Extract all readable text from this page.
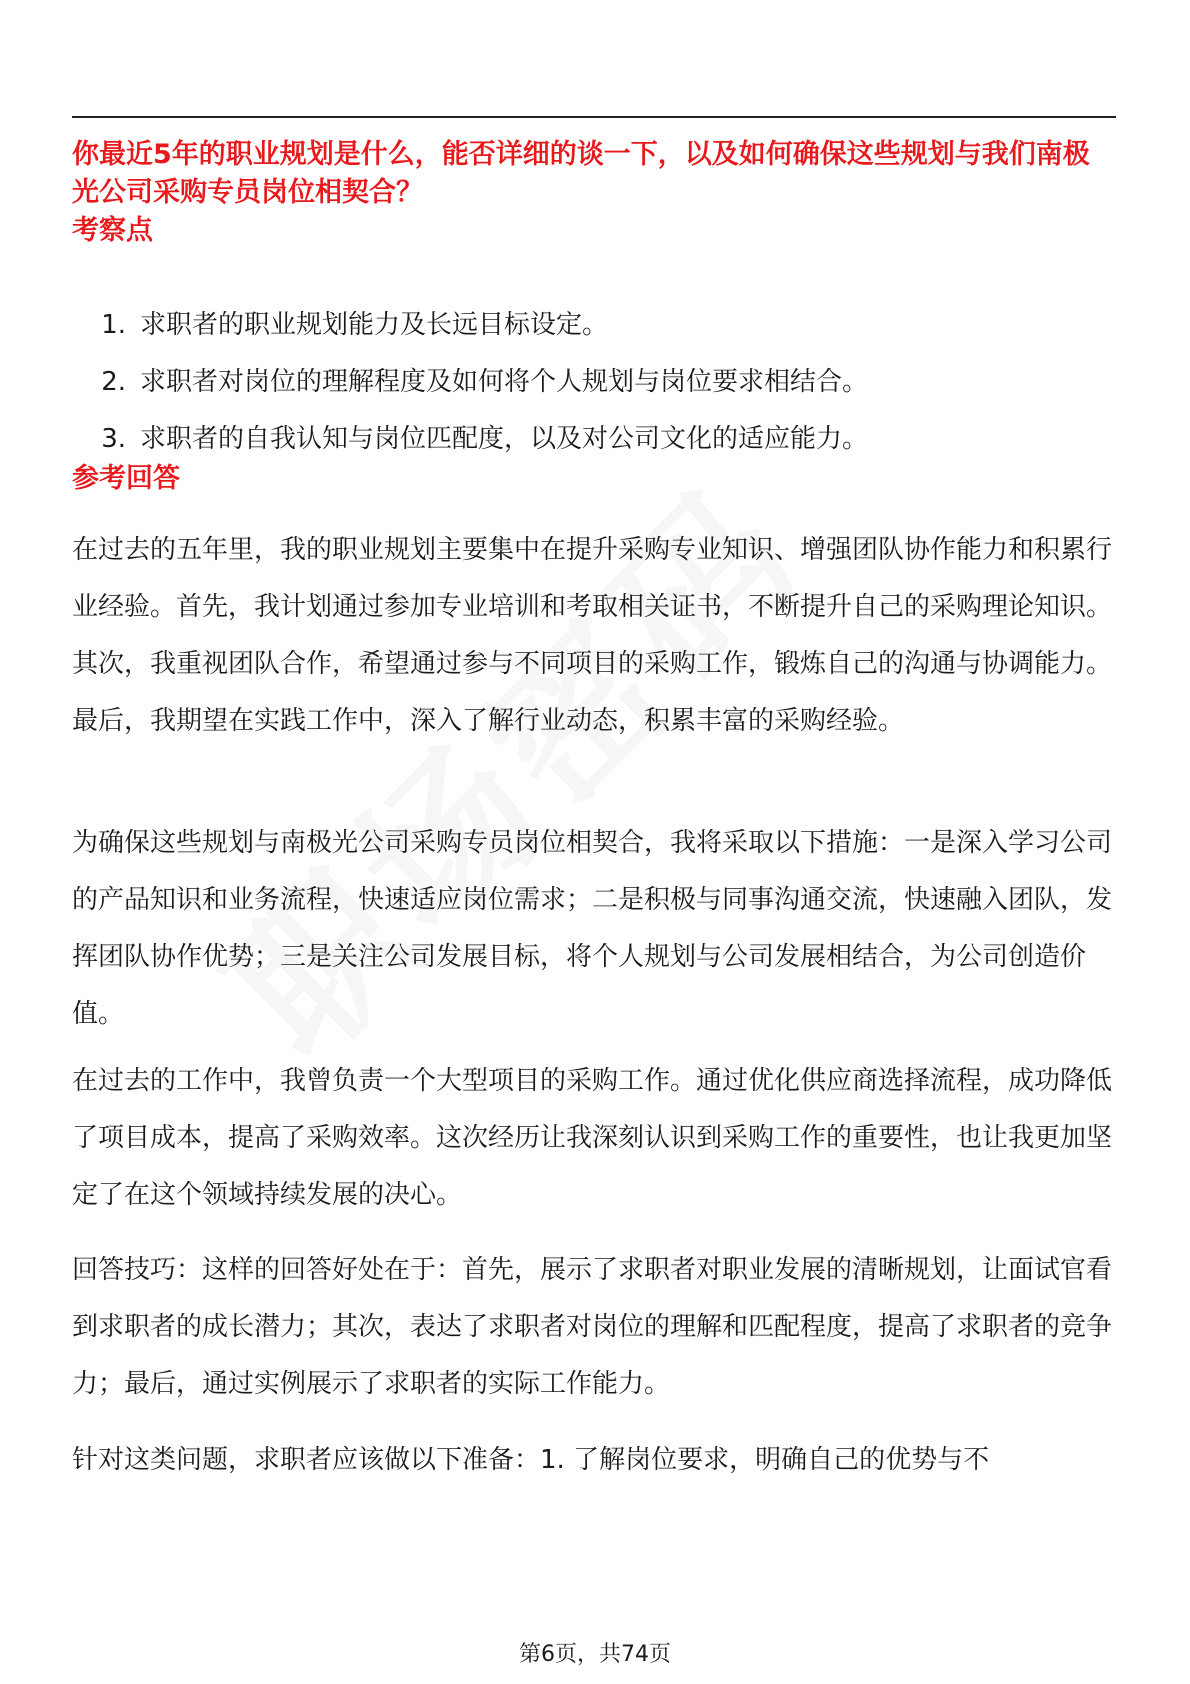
你最近5年的职业规划是什么，能否详细的谈一下，以及如何确保这些规划与我们南极光公司采购专员岗位相契合？
考察点
1. 求职者的职业规划能力及长远目标设定。
2. 求职者对岗位的理解程度及如何将个人规划与岗位要求相结合。
3. 求职者的自我认知与岗位匹配度，以及对公司文化的适应能力。
参考回答

在过去的五年里，我的职业规划主要集中在提升采购专业知识、增强团队协作能力和积累行业经验。首先，我计划通过参加专业培训和考取相关证书，不断提升自己的采购理论知识。其次，我重视团队合作，希望通过参与不同项目的采购工作，锻炼自己的沟通与协调能力。最后，我期望在实践工作中，深入了解行业动态，积累丰富的采购经验。

为确保这些规划与南极光公司采购专员岗位相契合，我将采取以下措施：一是深入学习公司的产品知识和业务流程，快速适应岗位需求；二是积极与同事沟通交流，快速融入团队，发挥团队协作优势；三是关注公司发展目标，将个人规划与公司发展相结合，为公司创造价值。

在过去的工作中，我曾负责一个大型项目的采购工作。通过优化供应商选择流程，成功降低了项目成本，提高了采购效率。这次经历让我深刻认识到采购工作的重要性，也让我更加坚定了在这个领域持续发展的决心。

回答技巧：这样的回答好处在于：首先，展示了求职者对职业发展的清晰规划，让面试官看到求职者的成长潜力；其次，表达了求职者对岗位的理解和匹配程度，提高了求职者的竞争力；最后，通过实例展示了求职者的实际工作能力。

针对这类问题，求职者应该做以下准备：1. 了解岗位要求，明确自己的优势与不

第6页，共74页
